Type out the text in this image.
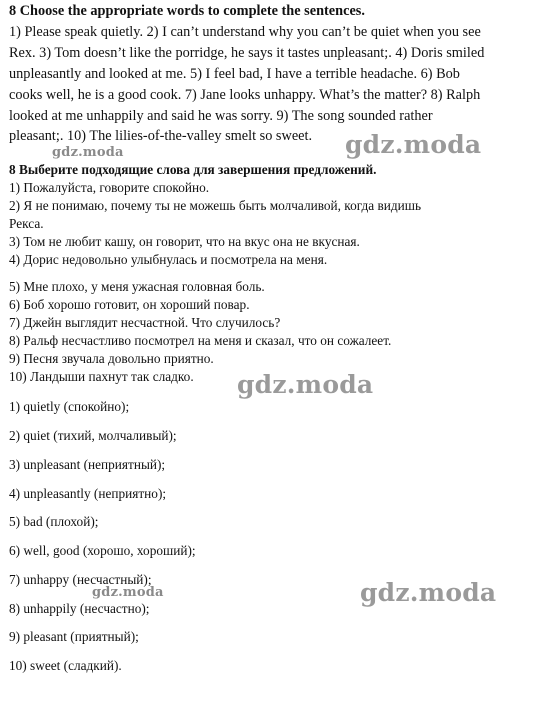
8 Choose the appropriate words to complete the sentences.
1) Please speak quietly. 2) I can’t understand why you can’t be quiet when you see
Rex. 3) Tom doesn’t like the porridge, he says it tastes unpleasant;. 4) Doris smiled
unpleasantly and looked at me. 5) I feel bad, I have a terrible headache. 6) Bob
cooks well, he is a good cook. 7) Jane looks unhappy. What’s the matter? 8) Ralph
looked at me unhappily and said he was sorry. 9) The song sounded rather
pleasant;. 10) The lilies-of-the-valley smelt so sweet.
8 Выберите подходящие слова для завершения предложений.
1) Пожалуйста, говорите спокойно.
2) Я не понимаю, почему ты не можешь быть молчаливой, когда видишь
Рекса.
3) Том не любит кашу, он говорит, что на вкус она не вкусная.
4) Дорис недовольно улыбнулась и посмотрела на меня.
5) Мне плохо, у меня ужасная головная боль.
6) Боб хорошо готовит, он хороший повар.
7) Джейн выглядит несчастной. Что случилось?
8) Ральф несчастливо посмотрел на меня и сказал, что он сожалеет.
9) Песня звучала довольно приятно.
10) Ландыши пахнут так сладко.
1) quietly (спокойно);
2) quiet (тихий, молчаливый);
3) unpleasant (неприятный);
4) unpleasantly (неприятно);
5) bad (плохой);
6) well, good (хорошо, хороший);
7) unhappy (несчастный);
8) unhappily (несчастно);
9) pleasant (приятный);
10) sweet (сладкий).
gdz.moda
gdz.moda
gdz.moda
gdz.moda
gdz.moda
